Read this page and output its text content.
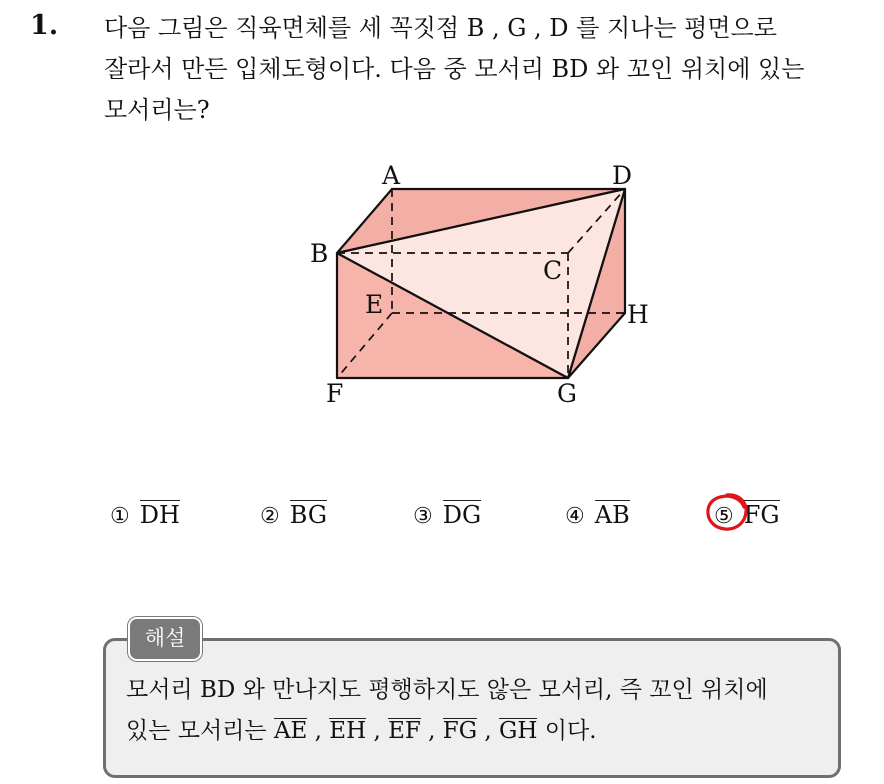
1. 다음 그림은 직육면체를 세 꼭짓점 B , G , D 를 지나는 평면으로
잘라서 만든 입체도형이다. 다음 중 모서리 BD 와 꼬인 위치에 있는
모서리는?
A	D
B
C
E	H
F	G
① DH	② BG	③ DG	④ AB	⑤ FG
해설
모서리 BD 와 만나지도 평행하지도 않은 모서리, 즉 꼬인 위치에
있는 모서리는 AE , EH , EF , FG , GH 이다.
